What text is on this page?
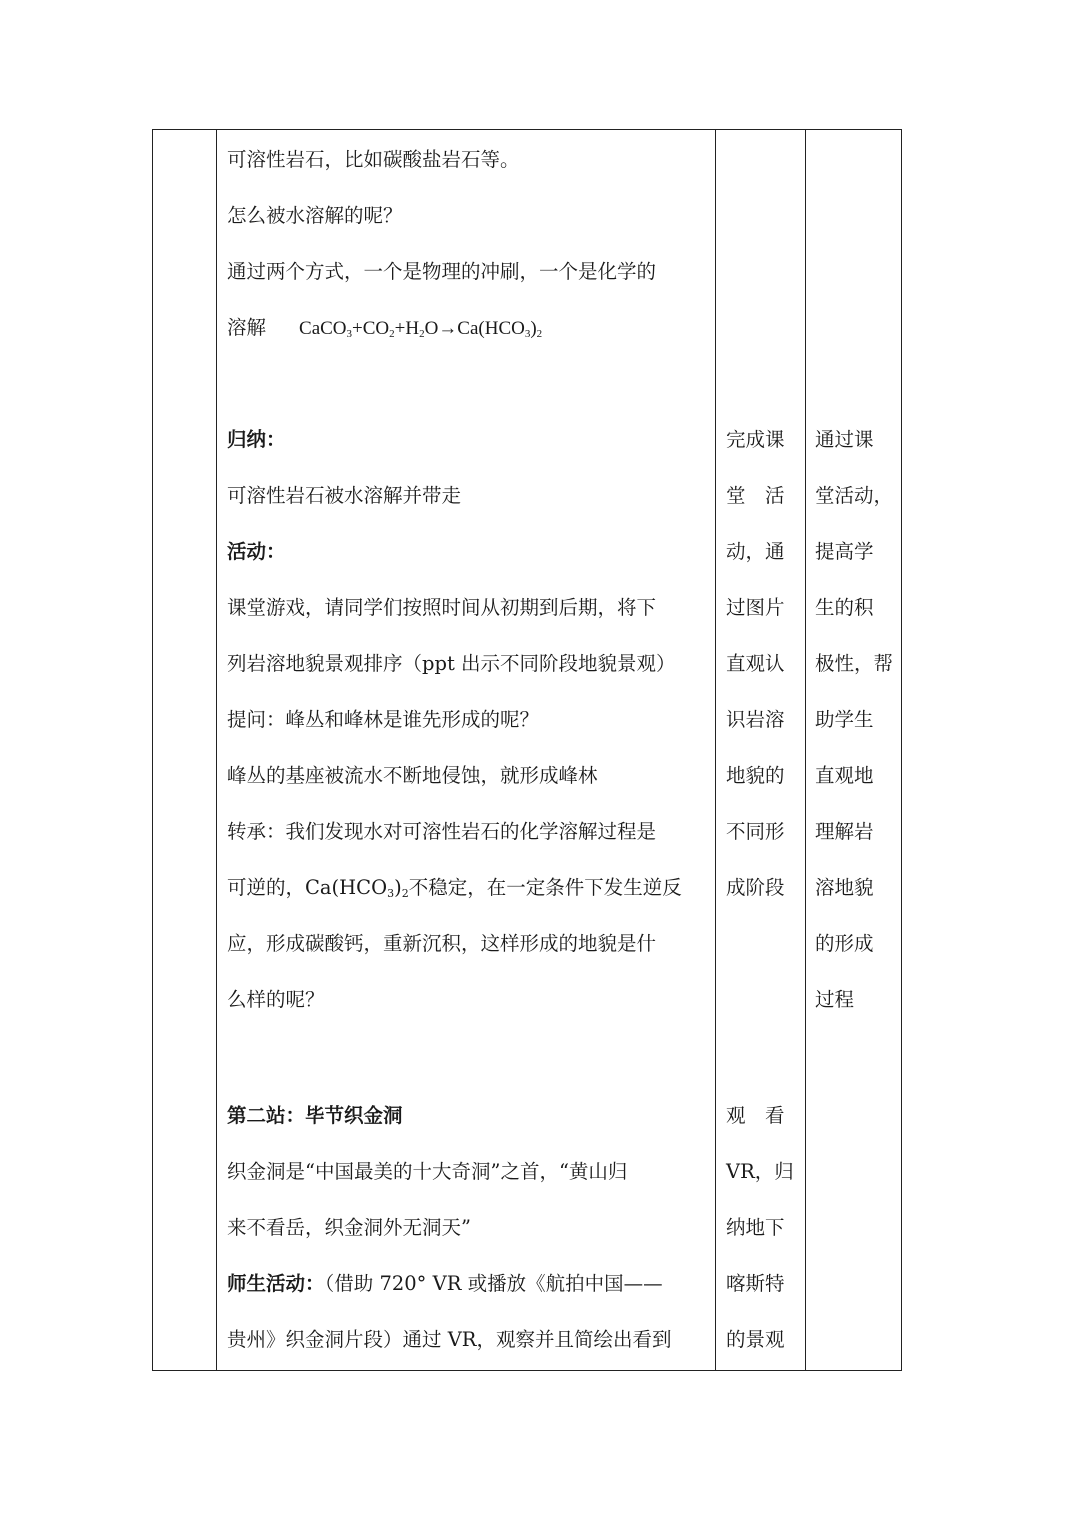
可溶性岩石，比如碳酸盐岩石等。
怎么被水溶解的呢？
通过两个方式，一个是物理的冲刷，一个是化学的
溶解 $CaCO_3+CO_2+H_2O\to Ca(HCO_3)_2$
归纳：
可溶性岩石被水溶解并带走
活动：
课堂游戏，请同学们按照时间从初期到后期，将下
列岩溶地貌景观排序（ppt 出示不同阶段地貌景观）
提问：峰丛和峰林是谁先形成的呢？
峰丛的基座被流水不断地侵蚀，就形成峰林
转承：我们发现水对可溶性岩石的化学溶解过程是
可逆的，$Ca(HCO_3)_2$不稳定，在一定条件下发生逆反
应，形成碳酸钙，重新沉积，这样形成的地貌是什
么样的呢？
第二站：毕节织金洞
织金洞是“中国最美的十大奇洞”之首，“黄山归
来不看岳，织金洞外无洞天”
师生活动：（借助 720° VR 或播放《航拍中国——
贵州》织金洞片段）通过 VR，观察并且简绘出看到
完成课
堂　活
动，通
过图片
直观认
识岩溶
地貌的
不同形
成阶段
观　看
VR，归
纳地下
喀斯特
的景观
通过课
堂活动，
提高学
生的积
极性，帮
助学生
直观地
理解岩
溶地貌
的形成
过程
